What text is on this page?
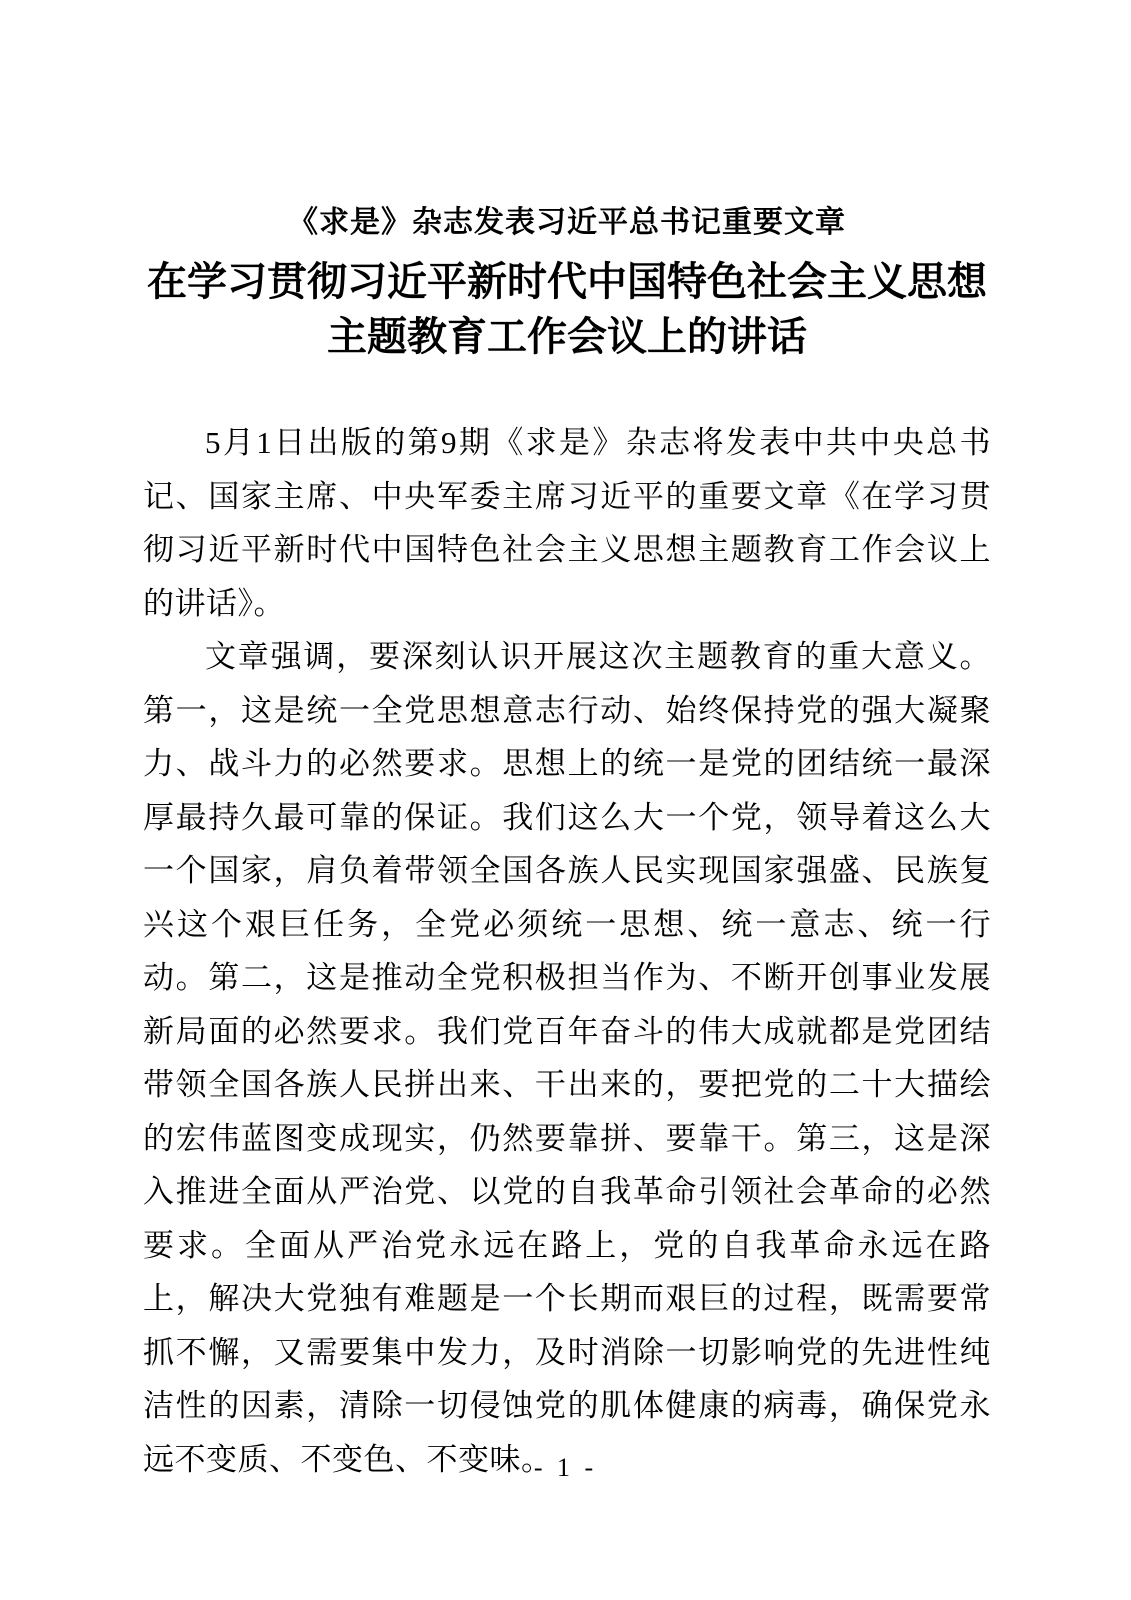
《求是》杂志发表习近平总书记重要文章
在学习贯彻习近平新时代中国特色社会主义思想
主题教育工作会议上的讲话

5月1日出版的第9期《求是》杂志将发表中共中央总书记、国家主席、中央军委主席习近平的重要文章《在学习贯彻习近平新时代中国特色社会主义思想主题教育工作会议上的讲话》。

文章强调，要深刻认识开展这次主题教育的重大意义。第一，这是统一全党思想意志行动、始终保持党的强大凝聚力、战斗力的必然要求。思想上的统一是党的团结统一最深厚最持久最可靠的保证。我们这么大一个党，领导着这么大一个国家，肩负着带领全国各族人民实现国家强盛、民族复兴这个艰巨任务，全党必须统一思想、统一意志、统一行动。第二，这是推动全党积极担当作为、不断开创事业发展新局面的必然要求。我们党百年奋斗的伟大成就都是党团结带领全国各族人民拼出来、干出来的，要把党的二十大描绘的宏伟蓝图变成现实，仍然要靠拼、要靠干。第三，这是深入推进全面从严治党、以党的自我革命引领社会革命的必然要求。全面从严治党永远在路上，党的自我革命永远在路上，解决大党独有难题是一个长期而艰巨的过程，既需要常抓不懈，又需要集中发力，及时消除一切影响党的先进性纯洁性的因素，清除一切侵蚀党的肌体健康的病毒，确保党永远不变质、不变色、不变味。

- 1 -
